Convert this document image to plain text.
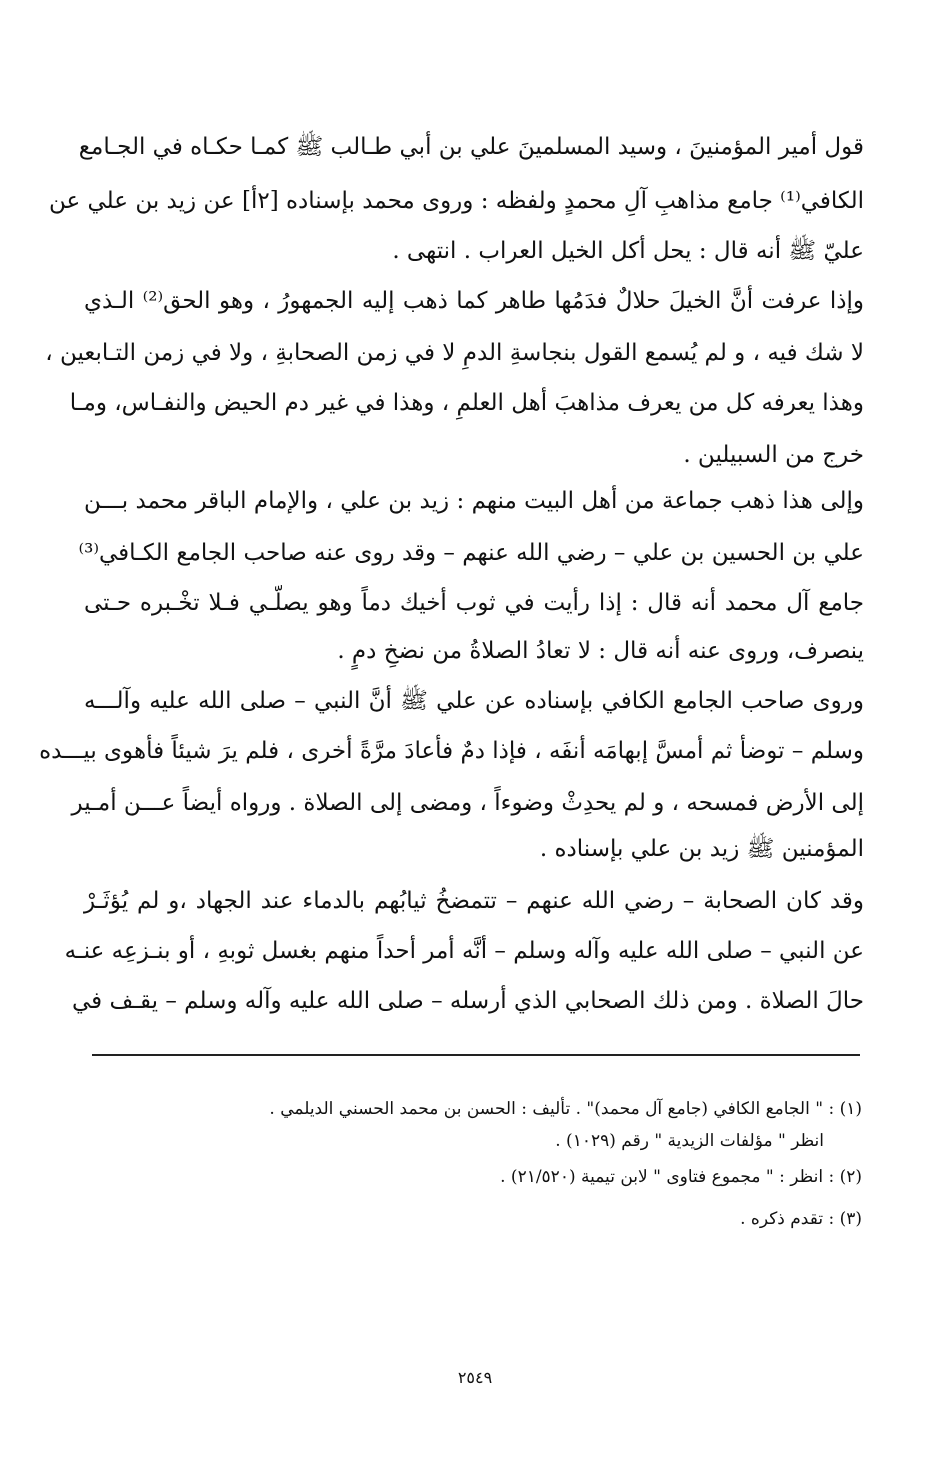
قول أمير المؤمنينَ ، وسيد المسلمينَ علي بن أبي طـالب ﷺ كمـا حكـاه في الجـامع
الكافي⁽¹⁾ جامع مذاهبِ آلِ محمدٍ ولفظه : وروى محمد بإسناده [٢أ] عن زيد بن علي عن
عليّ ﷺ أنه قال : يحل أكل الخيل العراب . انتهى .
وإذا عرفت أنَّ الخيلَ حلالٌ فدَمُها طاهر كما ذهب إليه الجمهورُ ، وهو الحق⁽²⁾ الـذي
لا شك فيه ، و لم يُسمع القول بنجاسةِ الدمِ لا في زمن الصحابةِ ، ولا في زمن التـابعين ،
وهذا يعرفه كل من يعرف مذاهبَ أهل العلمِ ، وهذا في غير دم الحيض والنفـاس، ومـا
خرج من السبيلين .
وإلى هذا ذهب جماعة من أهل البيت منهم : زيد بن علي ، والإمام الباقر محمد بـــن
علي بن الحسين بن علي – رضي الله عنهم – وقد روى عنه صاحب الجامع الكـافي⁽³⁾
جامع آل محمد أنه قال : إذا رأيت في ثوب أخيك دماً وهو يصلّـي فـلا تخْـبره حـتى
ينصرف، وروى عنه أنه قال : لا تعادُ الصلاةُ من نضخِ دمٍ .
وروى صاحب الجامع الكافي بإسناده عن علي ﷺ أنَّ النبي – صلى الله عليه وآلـــه
وسلم – توضأ ثم أمسَّ إبهامَه أنفَه ، فإذا دمٌ فأعادَ مرَّةً أخرى ، فلم يرَ شيئاً فأهوى بيـــده
إلى الأرض فمسحه ، و لم يحدِثْ وضوءاً ، ومضى إلى الصلاة . ورواه أيضاً عـــن أمـير
المؤمنين ﷺ زيد بن علي بإسناده .
وقد كان الصحابة – رضي الله عنهم – تتمضخُ ثيابُهم بالدماء عند الجهاد ،و لم يُؤثَـرْ
عن النبي – صلى الله عليه وآله وسلم – أنَّه أمر أحداً منهم بغسل ثوبهِ ، أو بنـزعِه عنـه
حالَ الصلاة . ومن ذلك الصحابي الذي أرسله – صلى الله عليه وآله وسلم – يقـف في
(١) : " الجامع الكافي (جامع آل محمد)" . تأليف : الحسن بن محمد الحسني الديلمي .
انظر " مؤلفات الزيدية " رقم (١٠٢٩) .
(٢) : انظر : " مجموع فتاوى " لابن تيمية (٢١/٥٢٠) .
(٣) : تقدم ذكره .
٢٥٤٩
